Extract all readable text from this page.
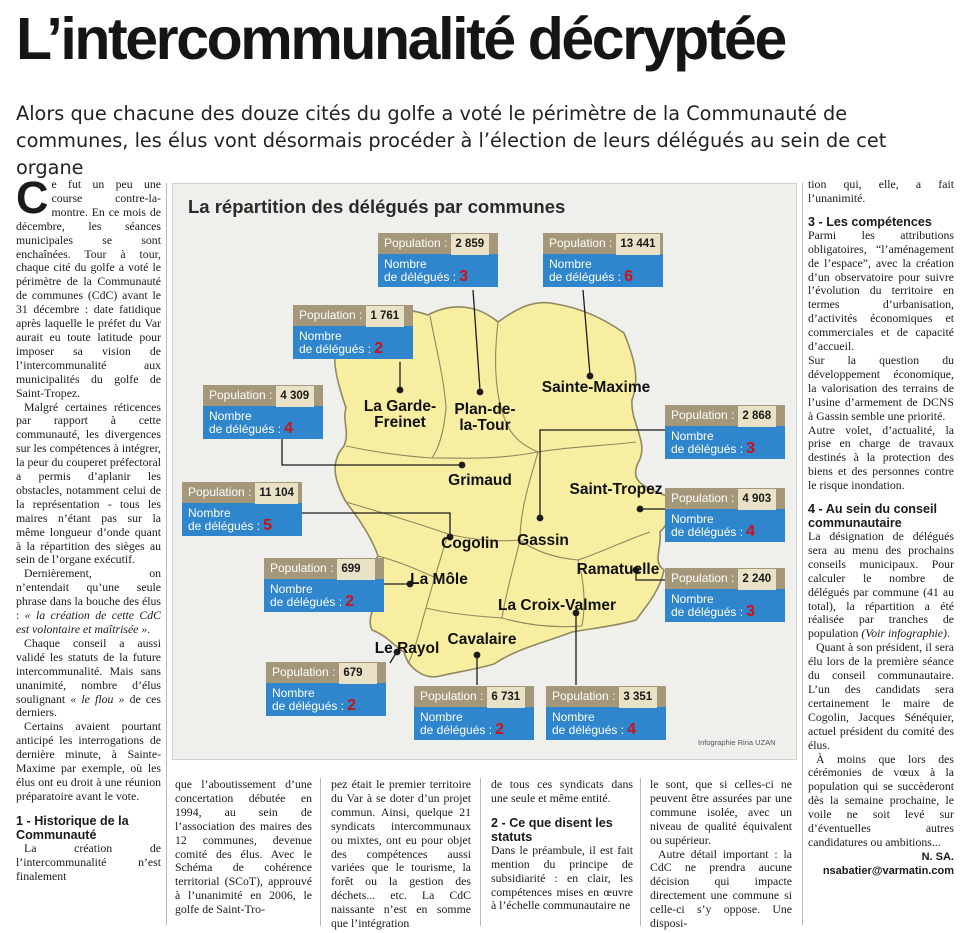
L’intercommunalité décryptée

Alors que chacune des douze cités du golfe a voté le périmètre de la Communauté de communes, les élus vont désormais procéder à l’élection de leurs délégués au sein de cet organe

C e fut un peu une course contre-la-montre. En ce mois de décembre, les séances municipales se sont enchaînées. Tour à tour, chaque cité du golfe a voté le périmètre de la Communauté de communes (CdC) avant le 31 décembre : date fatidique après laquelle le préfet du Var aurait eu toute latitude pour imposer sa vision de l’intercommunalité aux municipalités du golfe de Saint-Tropez.

Malgré certaines réticences par rapport à cette communauté, les divergences sur les compétences à intégrer, la peur du couperet préfectoral a permis d’aplanir les obstacles, notamment celui de la représentation - tous les maires n’étant pas sur la même longueur d’onde quant à la répartition des sièges au sein de l’organe exécutif.

Dernièrement, on n’entendait qu’une seule phrase dans la bouche des élus : « la création de cette CdC est volontaire et maîtrisée ».

Chaque conseil a aussi validé les statuts de la future intercommunalité. Mais sans unanimité, nombre d’élus soulignant « le flou » de ces derniers.

Certains avaient pourtant anticipé les interrogations de dernière minute, à Sainte-Maxime par exemple, où les élus ont eu droit à une réunion préparatoire avant le vote.

1 - Historique de la Communauté

La création de l’intercommunalité n’est finalement

La répartition des délégués par communes
Plan-de-
la-Tour
Sainte-Maxime
La Garde-
Freinet
Grimaud
Saint-Tropez
Gassin
Cogolin
La Môle
Ramatuelle
Le Rayol
Cavalaire
La Croix-Valmer
Population : 2 859
Nombre
de délégués : 3
Population : 13 441
Nombre
de délégués : 6
Population : 1 761
Nombre
de délégués : 2
Population : 4 309
Nombre
de délégués : 4
Population : 4 903
Nombre
de délégués : 4
Population : 2 868
Nombre
de délégués : 3
Population : 11 104
Nombre
de délégués : 5
Population : 699
Nombre
de délégués : 2
Population : 2 240
Nombre
de délégués : 3
Population : 679
Nombre
de délégués : 2
Population : 6 731
Nombre
de délégués : 2
Population : 3 351
Nombre
de délégués : 4
Infographie Rina UZAN

que l’aboutissement d’une concertation débutée en 1994, au sein de l’association des maires des 12 communes, devenue comité des élus. Avec le Schéma de cohérence territorial (SCoT), approuvé à l’unanimité en 2006, le golfe de Saint-Tro-

pez était le premier territoire du Var à se doter d’un projet commun. Ainsi, quelque 21 syndicats intercommunaux ou mixtes, ont eu pour objet des compétences aussi variées que le tourisme, la forêt ou la gestion des déchets... etc. La CdC naissante n’est en somme que l’intégration

de tous ces syndicats dans une seule et même entité.

2 - Ce que disent les statuts

Dans le préambule, il est fait mention du principe de subsidiarité : en clair, les compétences mises en œuvre à l’échelle communautaire ne

le sont, que si celles-ci ne peuvent être assurées par une commune isolée, avec un niveau de qualité équivalent ou supérieur.

Autre détail important : la CdC ne prendra aucune décision qui impacte directement une commune si celle-ci s’y oppose. Une disposi-

tion qui, elle, a fait l’unanimité.

3 - Les compétences

Parmi les attributions obligatoires, “l’aménagement de l’espace”, avec la création d’un observatoire pour suivre l’évolution du territoire en termes d’urbanisation, d’activités économiques et commerciales et de capacité d’accueil.

Sur la question du développement économique, la valorisation des terrains de l’usine d’armement de DCNS à Gassin semble une priorité.

Autre volet, d’actualité, la prise en charge de travaux destinés à la protection des biens et des personnes contre le risque inondation.

4 - Au sein du conseil communautaire

La désignation de délégués sera au menu des prochains conseils municipaux. Pour calculer le nombre de délégués par commune (41 au total), la répartition a été réalisée par tranches de population (Voir infographie).

Quant à son président, il sera élu lors de la première séance du conseil communautaire. L’un des candidats sera certainement le maire de Cogolin, Jacques Sénéquier, actuel président du comité des élus.

À moins que lors des cérémonies de vœux à la population qui se succèderont dès la semaine prochaine, le voile ne soit levé sur d’éventuelles autres candidatures ou ambitions...

N. SA.
nsabatier@varmatin.com
